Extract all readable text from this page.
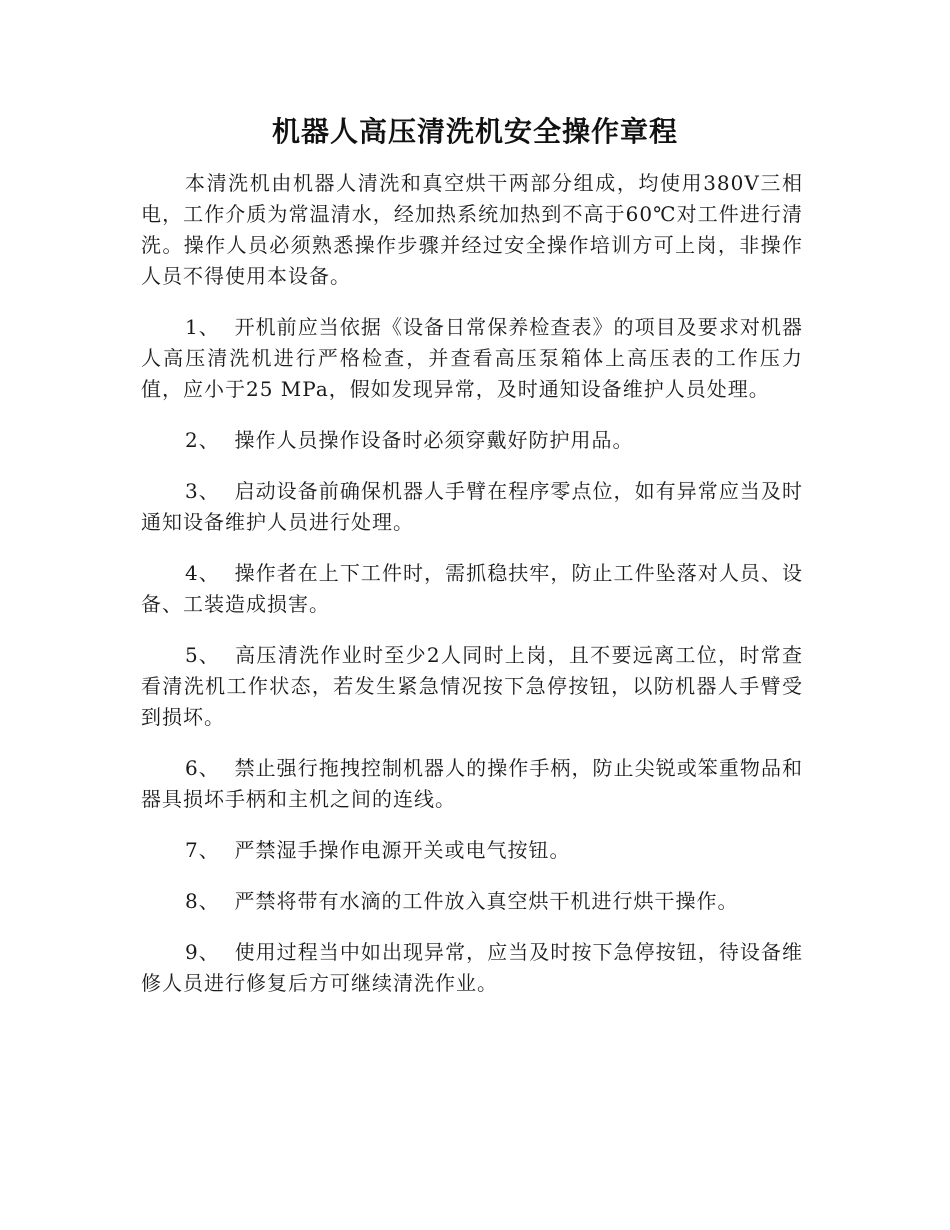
机器人高压清洗机安全操作章程

本清洗机由机器人清洗和真空烘干两部分组成，均使用380V三相电，工作介质为常温清水，经加热系统加热到不高于60℃对工件进行清洗。操作人员必须熟悉操作步骤并经过安全操作培训方可上岗，非操作人员不得使用本设备。

1、 开机前应当依据《设备日常保养检查表》的项目及要求对机器人高压清洗机进行严格检查，并查看高压泵箱体上高压表的工作压力值，应小于25 MPa，假如发现异常，及时通知设备维护人员处理。

2、 操作人员操作设备时必须穿戴好防护用品。

3、 启动设备前确保机器人手臂在程序零点位，如有异常应当及时通知设备维护人员进行处理。

4、 操作者在上下工件时，需抓稳扶牢，防止工件坠落对人员、设备、工装造成损害。

5、 高压清洗作业时至少2人同时上岗，且不要远离工位，时常查看清洗机工作状态，若发生紧急情况按下急停按钮，以防机器人手臂受到损坏。

6、 禁止强行拖拽控制机器人的操作手柄，防止尖锐或笨重物品和器具损坏手柄和主机之间的连线。

7、 严禁湿手操作电源开关或电气按钮。

8、 严禁将带有水滴的工件放入真空烘干机进行烘干操作。

9、 使用过程当中如出现异常，应当及时按下急停按钮，待设备维修人员进行修复后方可继续清洗作业。
